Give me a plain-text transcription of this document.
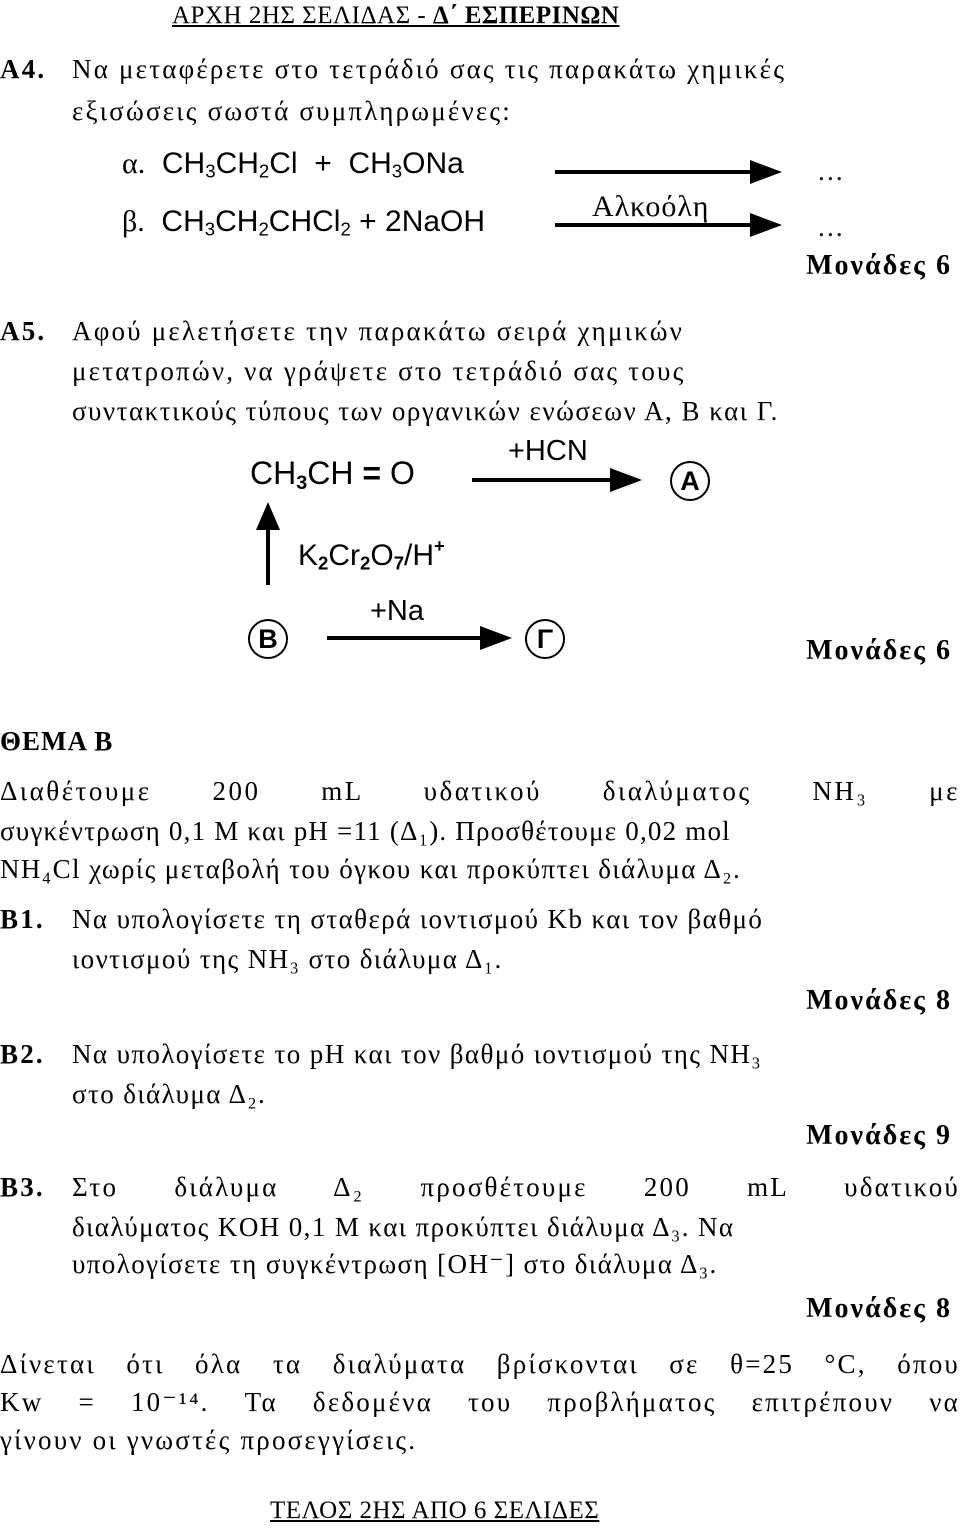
ΑΡΧΗ 2ΗΣ ΣΕΛΙΔΑΣ - Δ΄ ΕΣΠΕΡΙΝΩΝ
Α4. Να μεταφέρετε στο τετράδιό σας τις παρακάτω χημικές
εξισώσεις σωστά συμπληρωμένες:
α.  $CH_3CH_2Cl + CH_3ONa$
β.  $CH_3CH_2CHCl_2$ + 2NaOH	Αλκοόλη
...
...
Μονάδες 6
Α5. Αφού μελετήσετε την παρακάτω σειρά χημικών
μετατροπών, να γράψετε στο τετράδιό σας τους
συντακτικούς τύπους των οργανικών ενώσεων Α, Β και Γ.
$CH_3CH = O$
+HCN
Α
$K_2Cr_2O_7/H^+$
Β
+Na
Γ	Μονάδες 6
ΘΕΜΑ Β
Διαθέτουμε 200 mL υδατικού διαλύματος NH₃ με
συγκέντρωση 0,1 M και pH =11 (Δ₁). Προσθέτουμε 0,02 mol
NH₄Cl χωρίς μεταβολή του όγκου και προκύπτει διάλυμα Δ₂.
Β1. Να υπολογίσετε τη σταθερά ιοντισμού Kb και τον βαθμό
ιοντισμού της NH₃ στο διάλυμα Δ₁.
Μονάδες 8
Β2. Να υπολογίσετε το pH και τον βαθμό ιοντισμού της NH₃
στο διάλυμα Δ₂.
Μονάδες 9
Β3. Στο διάλυμα Δ₂ προσθέτουμε 200 mL υδατικού
διαλύματος KOH 0,1 M και προκύπτει διάλυμα Δ₃. Να
υπολογίσετε τη συγκέντρωση [OH⁻] στο διάλυμα Δ₃.
Μονάδες 8
Δίνεται ότι όλα τα διαλύματα βρίσκονται σε θ=25 °C, όπου
Kw = 10⁻¹⁴. Τα δεδομένα του προβλήματος επιτρέπουν να
γίνουν οι γνωστές προσεγγίσεις.
ΤΕΛΟΣ 2ΗΣ ΑΠΟ 6 ΣΕΛΙΔΕΣ
